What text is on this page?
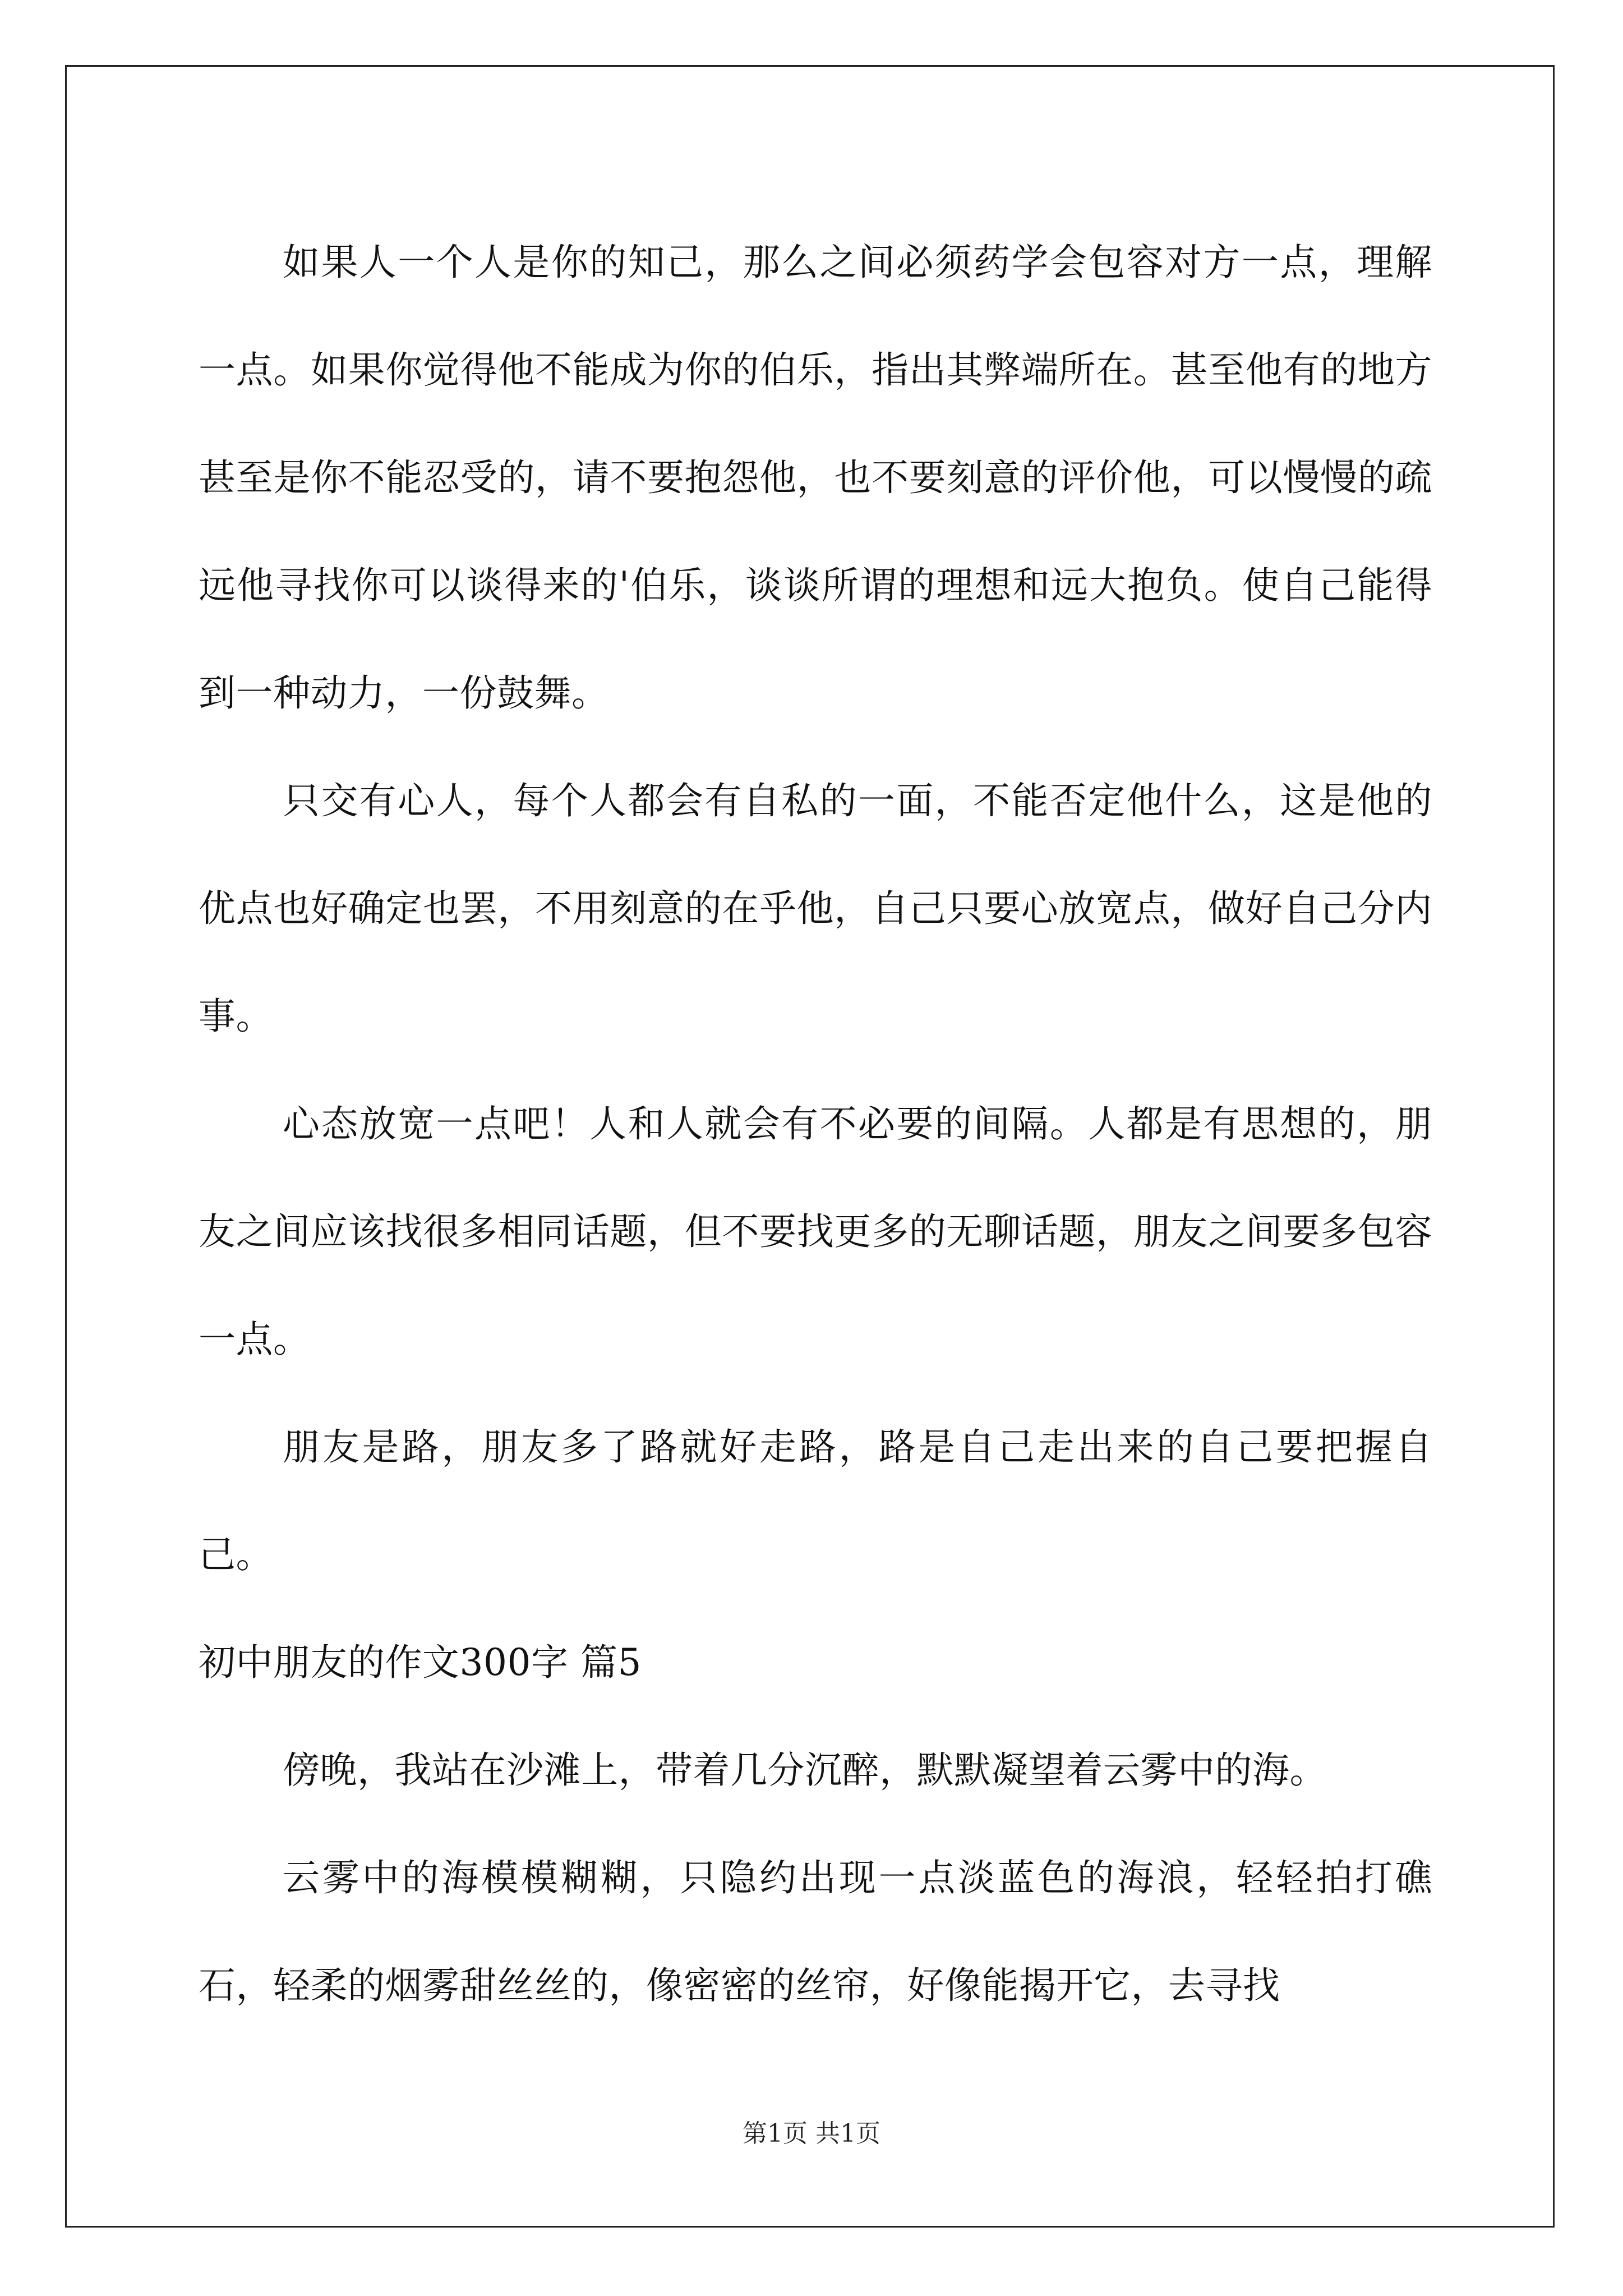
如果人一个人是你的知己，那么之间必须药学会包容对方一点，理解一点。如果你觉得他不能成为你的伯乐，指出其弊端所在。甚至他有的地方甚至是你不能忍受的，请不要抱怨他，也不要刻意的评价他，可以慢慢的疏远他寻找你可以谈得来的'伯乐，谈谈所谓的理想和远大抱负。使自己能得到一种动力，一份鼓舞。

只交有心人，每个人都会有自私的一面，不能否定他什么，这是他的优点也好确定也罢，不用刻意的在乎他，自己只要心放宽点，做好自己分内事。

心态放宽一点吧！人和人就会有不必要的间隔。人都是有思想的，朋友之间应该找很多相同话题，但不要找更多的无聊话题，朋友之间要多包容一点。

朋友是路，朋友多了路就好走路，路是自己走出来的自己要把握自己。

初中朋友的作文300字 篇5

傍晚，我站在沙滩上，带着几分沉醉，默默凝望着云雾中的海。

云雾中的海模模糊糊，只隐约出现一点淡蓝色的海浪，轻轻拍打礁石，轻柔的烟雾甜丝丝的，像密密的丝帘，好像能揭开它，去寻找

第1页 共1页
